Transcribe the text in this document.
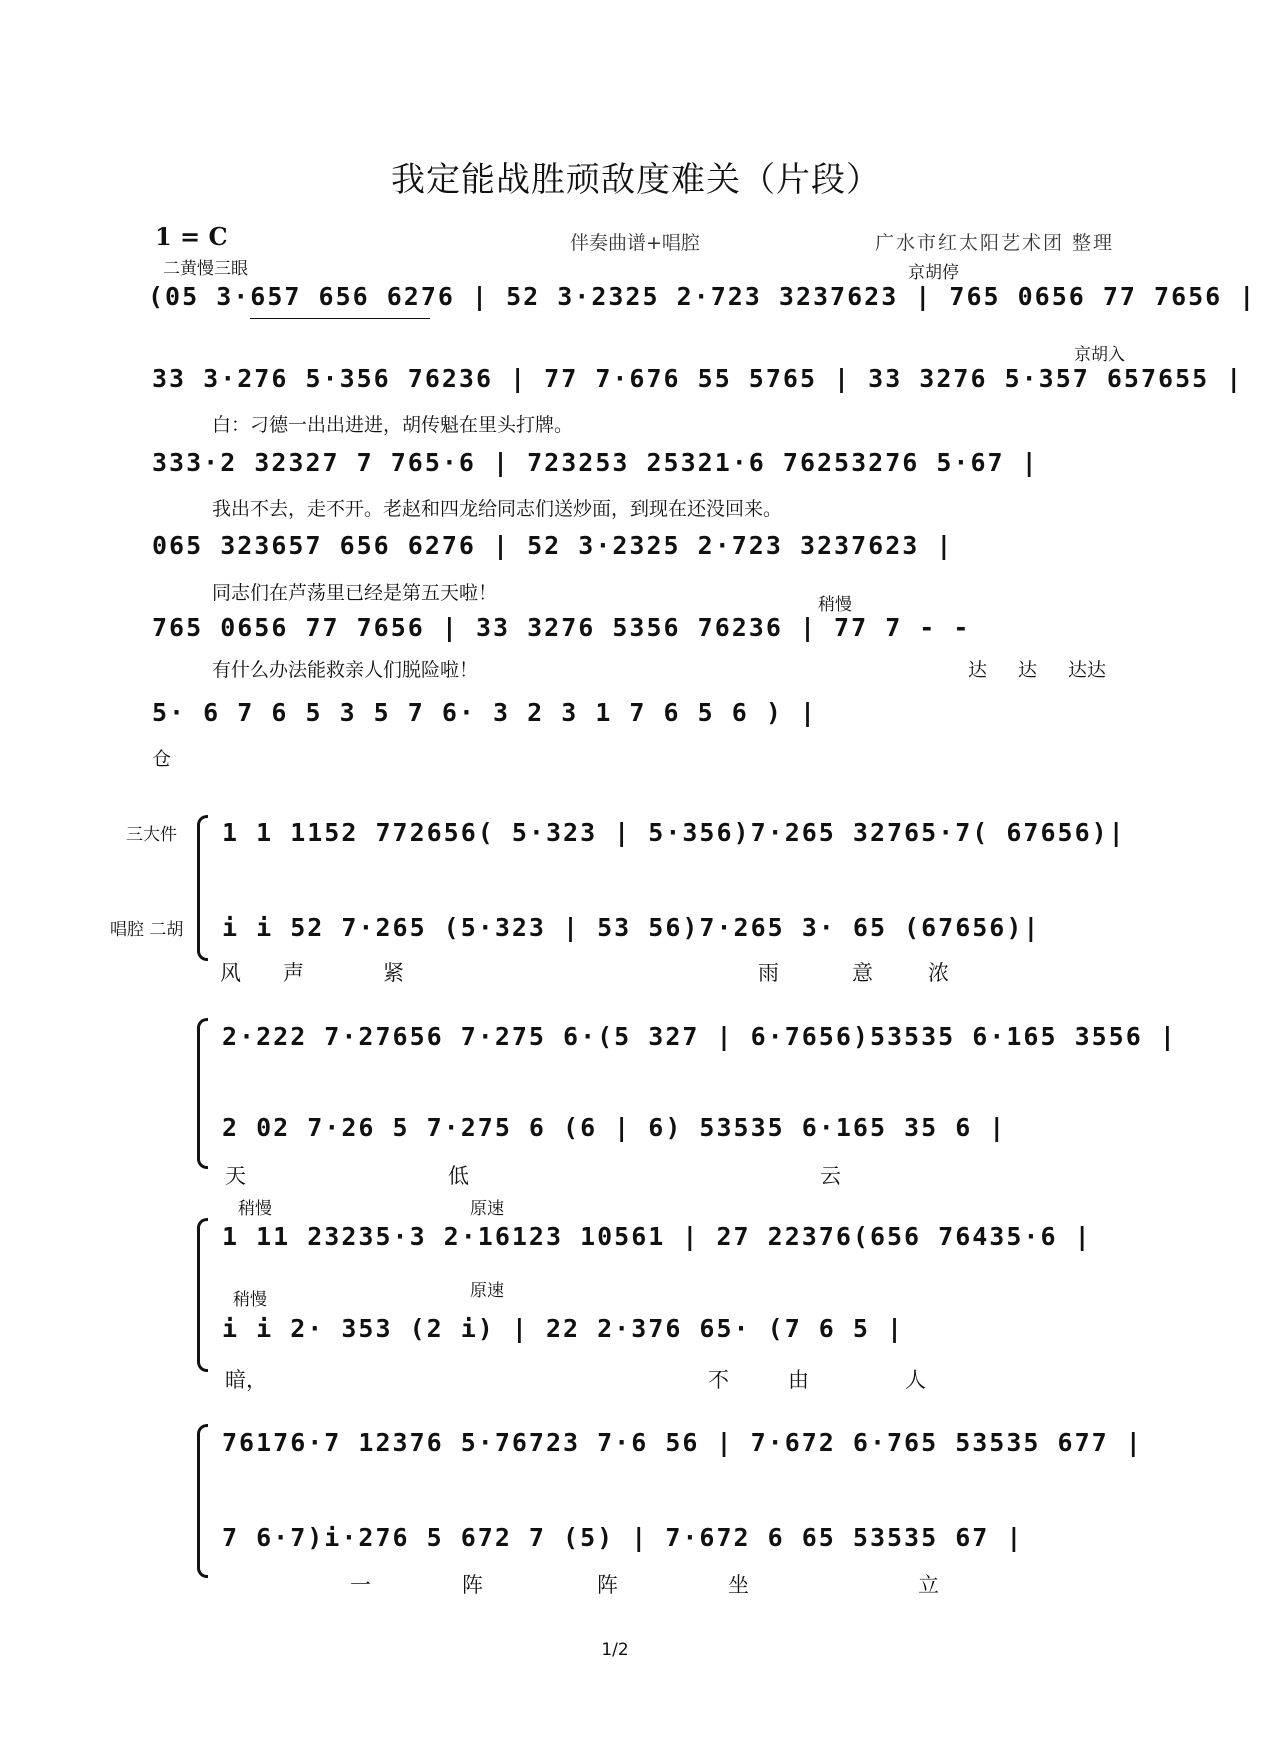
我定能战胜顽敌度难关（片段）
1 = C	伴奏曲谱+唱腔	广水市红太阳艺术团 整理
二黄慢三眼	京胡停
(05 3·657 656 6276 | 52 3·2325 2·723 3237623 | 765 0656 77 7656 |
京胡入
33 3·276 5·356 76236 | 77 7·676 55 5765 | 33 3276 5·357 657655 |
白：刁德一出出进进，胡传魁在里头打牌。
333·2 32327 7 765·6 | 723253 25321·6 76253276 5·67 |
我出不去，走不开。老赵和四龙给同志们送炒面，到现在还没回来。
065 323657 656 6276 | 52 3·2325 2·723 3237623 |
同志们在芦荡里已经是第五天啦！
稍慢
765 0656 77 7656 | 33 3276 5356 76236 | 77 7 - -
有什么办法能救亲人们脱险啦！	达 达 达达
5· 6 7 6 5 3 5 7 6· 3 2 3 1 7 6 5 6 ) |
仓
三大件
唱腔 二胡
1 1 1152 772656( 5·323 | 5·356)7·265 32765·7( 67656)|
i i 52 7·265 (5·323 | 53 56)7·265 3· 65 (67656)|
风 声	紧	雨	意	浓
2·222 7·27656 7·275 6·(5 327 | 6·7656)53535 6·165 3556 |
2 02 7·26 5 7·275 6 (6 | 6) 53535 6·165 35 6 |
天	低	云
稍慢	原速
1 11 23235·3 2·16123 10561 | 27 22376(656 76435·6 |
稍慢	原速
i i 2· 353 (2 i) | 22 2·376 65· (7 6 5 |
暗，	不	由	人
76176·7 12376 5·76723 7·6 56 | 7·672 6·765 53535 677 |
7 6·7)i·276 5 672 7 (5) | 7·672 6 65 53535 67 |
一	阵	阵	坐	立
1/2
